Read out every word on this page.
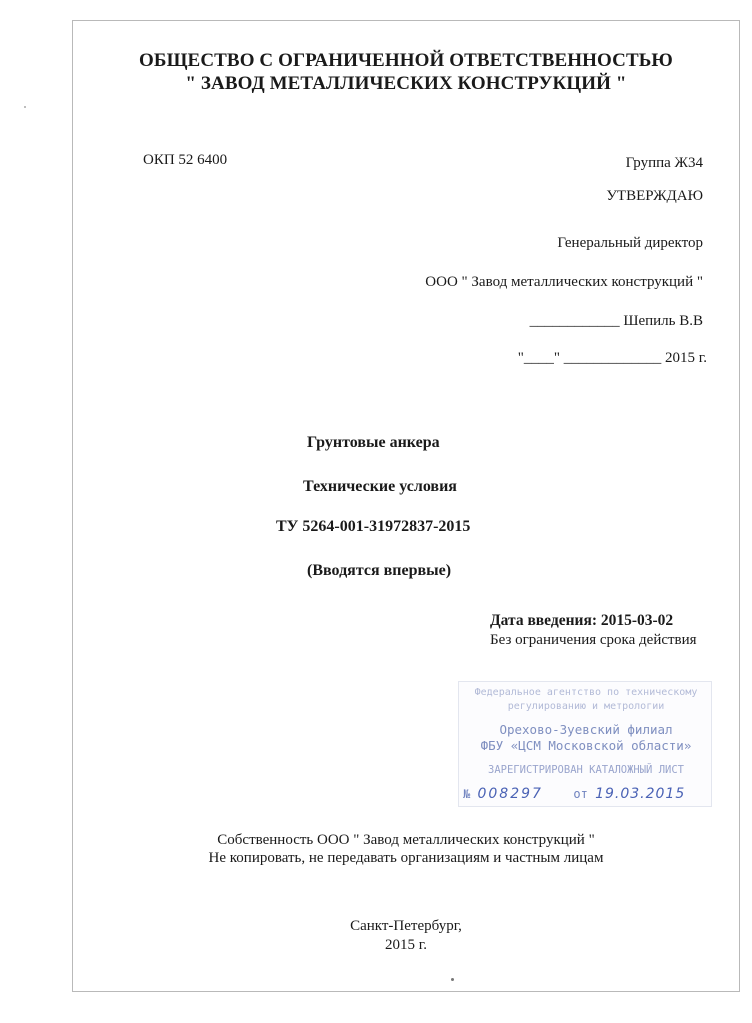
ОБЩЕСТВО С ОГРАНИЧЕННОЙ ОТВЕТСТВЕННОСТЬЮ
" ЗАВОД МЕТАЛЛИЧЕСКИХ КОНСТРУКЦИЙ "
ОКП 52 6400	Группа Ж34
УТВЕРЖДАЮ
Генеральный директор
ООО " Завод металлических конструкций "
____________ Шепиль В.В
"____" _____________ 2015 г.
Грунтовые анкера
Технические условия
ТУ 5264-001-31972837-2015
(Вводятся впервые)
Дата введения: 2015-03-02
Без ограничения срока действия
Федеральное агентство по техническому
регулированию и метрологии
Орехово-Зуевский филиал
ФБУ «ЦСМ Московской области»
ЗАРЕГИСТРИРОВАН КАТАЛОЖНЫЙ ЛИСТ
№ 008297	от 19.03.2015
Собственность ООО " Завод металлических конструкций "
Не копировать, не передавать организациям и частным лицам
Санкт-Петербург,
2015 г.
